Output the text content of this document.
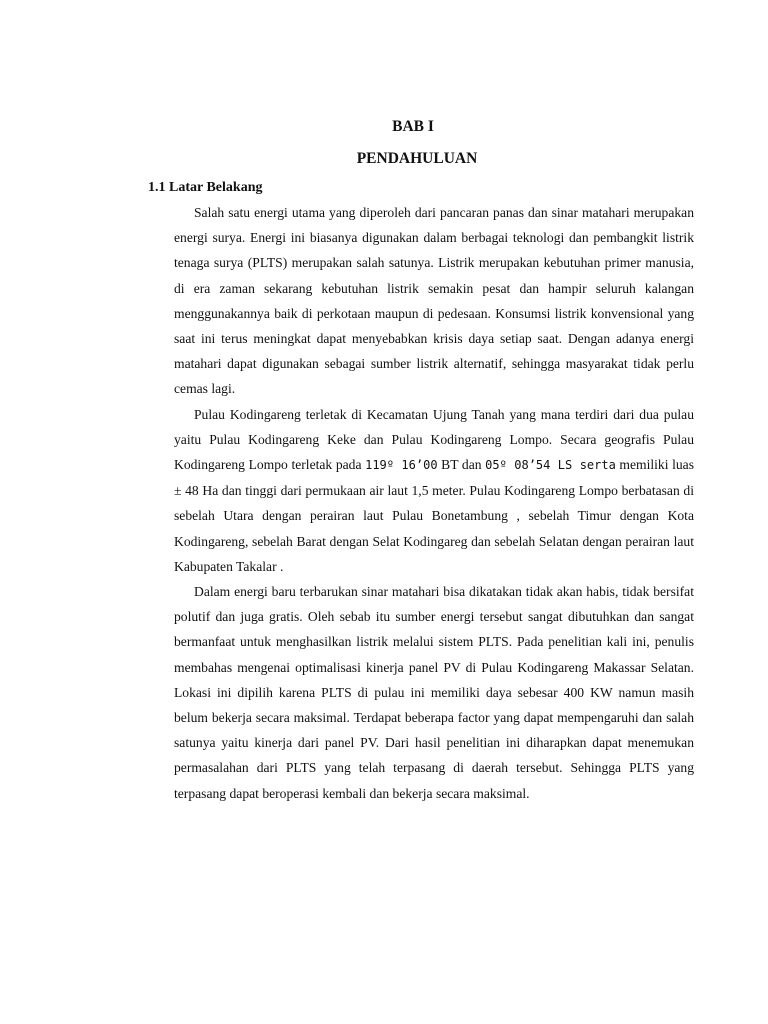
BAB I
PENDAHULUAN
1.1 Latar Belakang

Salah satu energi utama yang diperoleh dari pancaran panas dan sinar matahari merupakan energi surya. Energi ini biasanya digunakan dalam berbagai teknologi dan pembangkit listrik tenaga surya (PLTS) merupakan salah satunya. Listrik merupakan kebutuhan primer manusia, di era zaman sekarang kebutuhan listrik semakin pesat dan hampir seluruh kalangan menggunakannya baik di perkotaan maupun di pedesaan. Konsumsi listrik konvensional yang saat ini terus meningkat dapat menyebabkan krisis daya setiap saat. Dengan adanya energi matahari dapat digunakan sebagai sumber listrik alternatif, sehingga masyarakat tidak perlu cemas lagi.

Pulau Kodingareng terletak di Kecamatan Ujung Tanah yang mana terdiri dari dua pulau yaitu Pulau Kodingareng Keke dan Pulau Kodingareng Lompo. Secara geografis Pulau Kodingareng Lompo terletak pada 119º 16’00 BT dan 05º 08’54 LS serta memiliki luas ± 48 Ha dan tinggi dari permukaan air laut 1,5 meter. Pulau Kodingareng Lompo berbatasan di sebelah Utara dengan perairan laut Pulau Bonetambung , sebelah Timur dengan Kota Kodingareng, sebelah Barat dengan Selat Kodingareg dan sebelah Selatan dengan perairan laut Kabupaten Takalar .

Dalam energi baru terbarukan sinar matahari bisa dikatakan tidak akan habis, tidak bersifat polutif dan juga gratis. Oleh sebab itu sumber energi tersebut sangat dibutuhkan dan sangat bermanfaat untuk menghasilkan listrik melalui sistem PLTS. Pada penelitian kali ini, penulis membahas mengenai optimalisasi kinerja panel PV di Pulau Kodingareng Makassar Selatan. Lokasi ini dipilih karena PLTS di pulau ini memiliki daya sebesar 400 KW namun masih belum bekerja secara maksimal. Terdapat beberapa factor yang dapat mempengaruhi dan salah satunya yaitu kinerja dari panel PV. Dari hasil penelitian ini diharapkan dapat menemukan permasalahan dari PLTS yang telah terpasang di daerah tersebut. Sehingga PLTS yang terpasang dapat beroperasi kembali dan bekerja secara maksimal.
